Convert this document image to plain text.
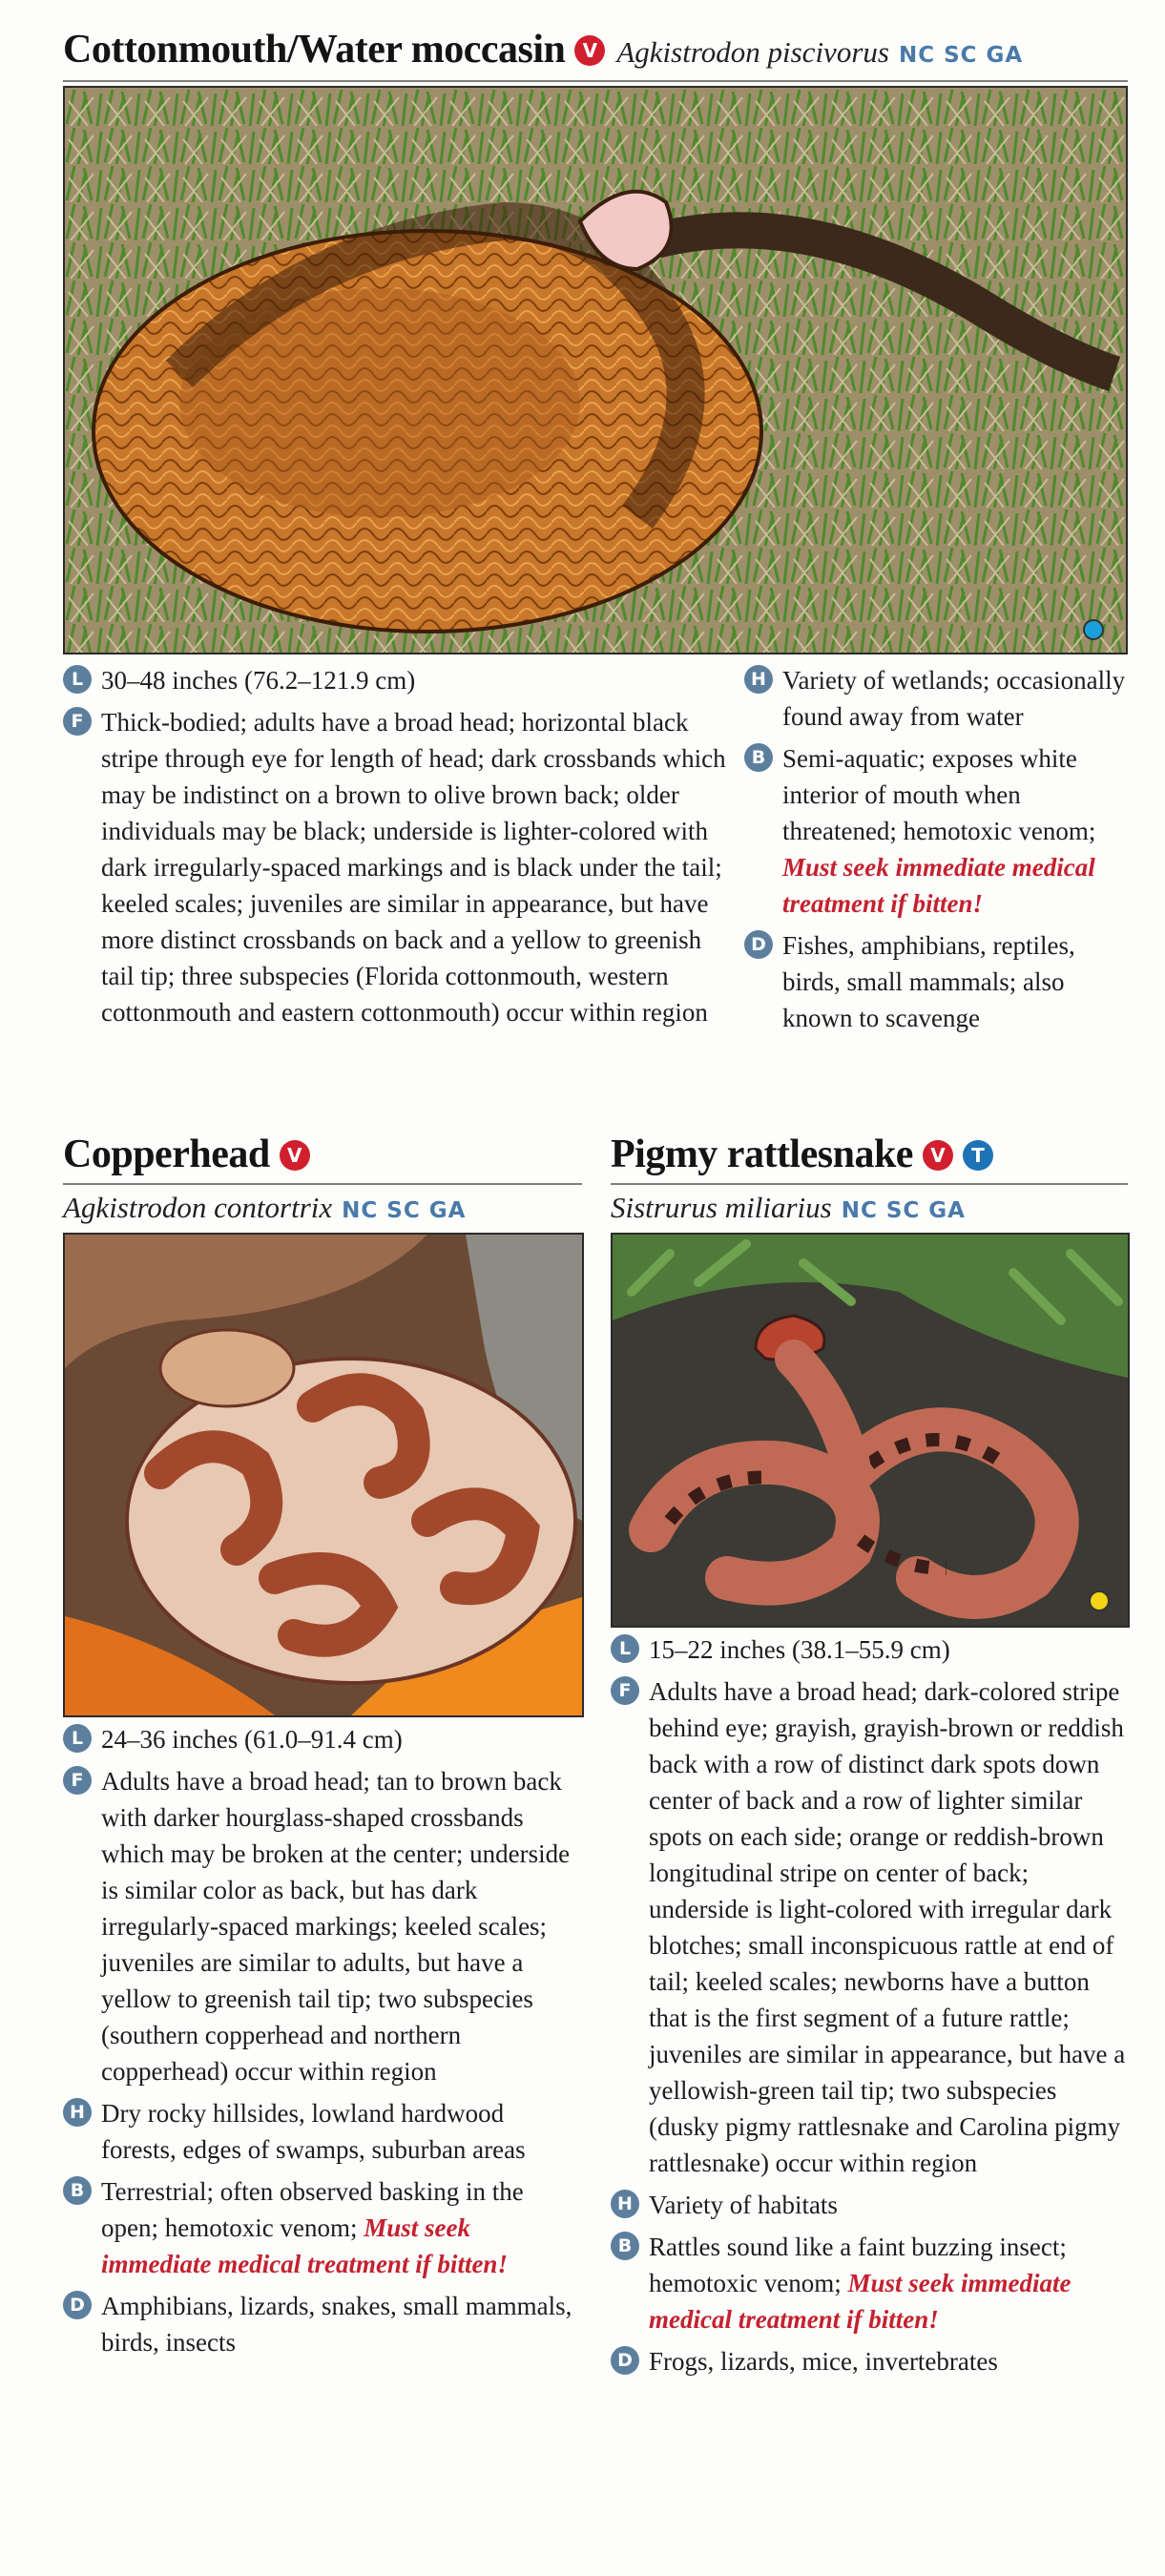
Cottonmouth/Water moccasin V Agkistrodon piscivorus NC SC GA
L 30–48 inches (76.2–121.9 cm)
F Thick-bodied; adults have a broad head; horizontal black stripe through eye for length of head; dark crossbands which may be indistinct on a brown to olive brown back; older individuals may be black; underside is lighter-colored with dark irregularly-spaced markings and is black under the tail; keeled scales; juveniles are similar in appearance, but have more distinct crossbands on back and a yellow to greenish tail tip; three subspecies (Florida cottonmouth, western cottonmouth and eastern cottonmouth) occur within region
H Variety of wetlands; occasionally found away from water
B Semi-aquatic; exposes white interior of mouth when threatened; hemotoxic venom; Must seek immediate medical treatment if bitten!
D Fishes, amphibians, reptiles, birds, small mammals; also known to scavenge
Copperhead V
Agkistrodon contortrix NC SC GA
L 24–36 inches (61.0–91.4 cm)
F Adults have a broad head; tan to brown back with darker hourglass-shaped crossbands which may be broken at the center; underside is similar color as back, but has dark irregularly-spaced markings; keeled scales; juveniles are similar to adults, but have a yellow to greenish tail tip; two subspecies (southern copperhead and northern copperhead) occur within region
H Dry rocky hillsides, lowland hardwood forests, edges of swamps, suburban areas
B Terrestrial; often observed basking in the open; hemotoxic venom; Must seek immediate medical treatment if bitten!
D Amphibians, lizards, snakes, small mammals, birds, insects
Pigmy rattlesnake V	T
Sistrurus miliarius NC SC GA
L 15–22 inches (38.1–55.9 cm)
F Adults have a broad head; dark-colored stripe behind eye; grayish, grayish-brown or reddish back with a row of distinct dark spots down center of back and a row of lighter similar spots on each side; orange or reddish-brown longitudinal stripe on center of back; underside is light-colored with irregular dark blotches; small inconspicuous rattle at end of tail; keeled scales; newborns have a button that is the first segment of a future rattle; juveniles are similar in appearance, but have a yellowish-green tail tip; two subspecies (dusky pigmy rattlesnake and Carolina pigmy rattlesnake) occur within region
H Variety of habitats
B Rattles sound like a faint buzzing insect; hemotoxic venom; Must seek immediate medical treatment if bitten!
D Frogs, lizards, mice, invertebrates
